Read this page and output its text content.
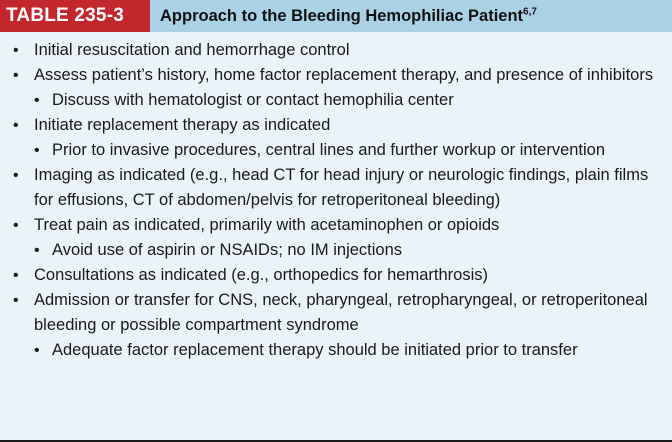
TABLE 235-3	Approach to the Bleeding Hemophiliac Patient$^{6,7}$
• Initial resuscitation and hemorrhage control
• Assess patient’s history, home factor replacement therapy, and presence of inhibitors
• Discuss with hematologist or contact hemophilia center
• Initiate replacement therapy as indicated
• Prior to invasive procedures, central lines and further workup or intervention
• Imaging as indicated (e.g., head CT for head injury or neurologic findings, plain films
for effusions, CT of abdomen/pelvis for retroperitoneal bleeding)
• Treat pain as indicated, primarily with acetaminophen or opioids
• Avoid use of aspirin or NSAIDs; no IM injections
• Consultations as indicated (e.g., orthopedics for hemarthrosis)
• Admission or transfer for CNS, neck, pharyngeal, retropharyngeal, or retroperitoneal
bleeding or possible compartment syndrome
• Adequate factor replacement therapy should be initiated prior to transfer
